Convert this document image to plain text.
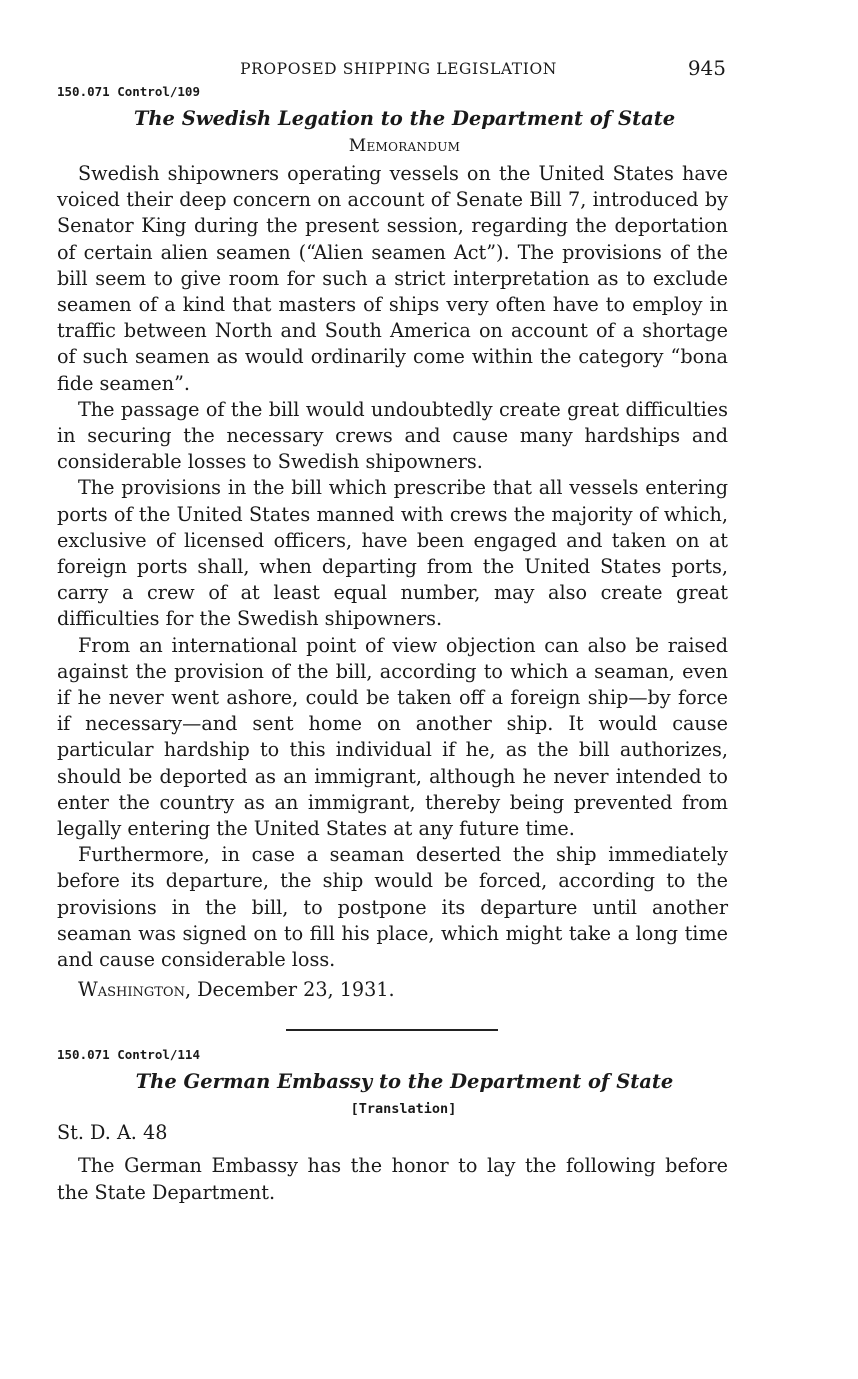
PROPOSED SHIPPING LEGISLATION	945

150.071 Control/109

The Swedish Legation to the Department of State
Memorandum

Swedish shipowners operating vessels on the United States have voiced their deep concern on account of Senate Bill 7, introduced by Senator King during the present session, regarding the deportation of certain alien seamen (“Alien seamen Act”). The provisions of the bill seem to give room for such a strict interpretation as to exclude seamen of a kind that masters of ships very often have to employ in traffic between North and South America on account of a shortage of such seamen as would ordinarily come within the category “bona fide seamen”.

The passage of the bill would undoubtedly create great difficulties in securing the necessary crews and cause many hardships and considerable losses to Swedish shipowners.

The provisions in the bill which prescribe that all vessels entering ports of the United States manned with crews the majority of which, exclusive of licensed officers, have been engaged and taken on at foreign ports shall, when departing from the United States ports, carry a crew of at least equal number, may also create great difficulties for the Swedish shipowners.

From an international point of view objection can also be raised against the provision of the bill, according to which a seaman, even if he never went ashore, could be taken off a foreign ship—by force if necessary—and sent home on another ship. It would cause particular hardship to this individual if he, as the bill authorizes, should be deported as an immigrant, although he never intended to enter the country as an immigrant, thereby being prevented from legally entering the United States at any future time.

Furthermore, in case a seaman deserted the ship immediately before its departure, the ship would be forced, according to the provisions in the bill, to postpone its departure until another seaman was signed on to fill his place, which might take a long time and cause considerable loss.

Washington, December 23, 1931.

150.071 Control/114

The German Embassy to the Department of State
[Translation]
St. D. A. 48

The German Embassy has the honor to lay the following before the State Department.
